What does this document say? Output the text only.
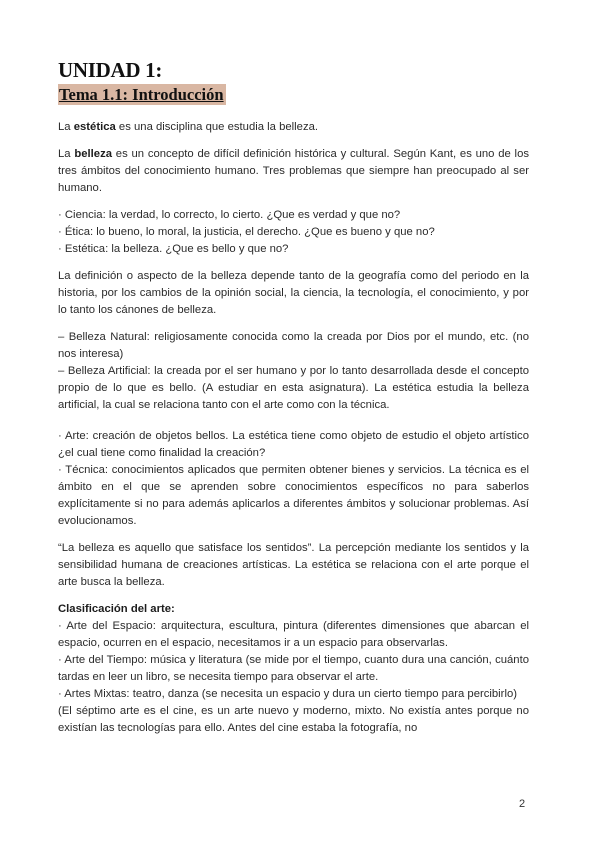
UNIDAD 1:
Tema 1.1: Introducción

La estética es una disciplina que estudia la belleza.

La belleza es un concepto de difícil definición histórica y cultural. Según Kant, es uno de los tres ámbitos del conocimiento humano. Tres problemas que siempre han preocupado al ser humano.

· Ciencia: la verdad, lo correcto, lo cierto. ¿Que es verdad y que no?

· Ética: lo bueno, lo moral, la justicia, el derecho. ¿Que es bueno y que no?

· Estética: la belleza. ¿Que es bello y que no?

La definición o aspecto de la belleza depende tanto de la geografía como del periodo en la historia, por los cambios de la opinión social, la ciencia, la tecnología, el conocimiento, y por lo tanto los cánones de belleza.

– Belleza Natural: religiosamente conocida como la creada por Dios por el mundo, etc. (no nos interesa)

– Belleza Artificial: la creada por el ser humano y por lo tanto desarrollada desde el concepto propio de lo que es bello. (A estudiar en esta asignatura). La estética estudia la belleza artificial, la cual se relaciona tanto con el arte como con la técnica.

· Arte: creación de objetos bellos. La estética tiene como objeto de estudio el objeto artístico ¿el cual tiene como finalidad la creación?

· Técnica: conocimientos aplicados que permiten obtener bienes y servicios. La técnica es el ámbito en el que se aprenden sobre conocimientos específicos no para saberlos explícitamente si no para además aplicarlos a diferentes ámbitos y solucionar problemas. Así evolucionamos.

“La belleza es aquello que satisface los sentidos”. La percepción mediante los sentidos y la sensibilidad humana de creaciones artísticas. La estética se relaciona con el arte porque el arte busca la belleza.

Clasificación del arte:

· Arte del Espacio: arquitectura, escultura, pintura (diferentes dimensiones que abarcan el espacio, ocurren en el espacio, necesitamos ir a un espacio para observarlas.

· Arte del Tiempo: música y literatura (se mide por el tiempo, cuanto dura una canción, cuánto tardas en leer un libro, se necesita tiempo para observar el arte.

· Artes Mixtas: teatro, danza (se necesita un espacio y dura un cierto tiempo para percibirlo)

(El séptimo arte es el cine, es un arte nuevo y moderno, mixto. No existía antes porque no existían las tecnologías para ello. Antes del cine estaba la fotografía, no

2
